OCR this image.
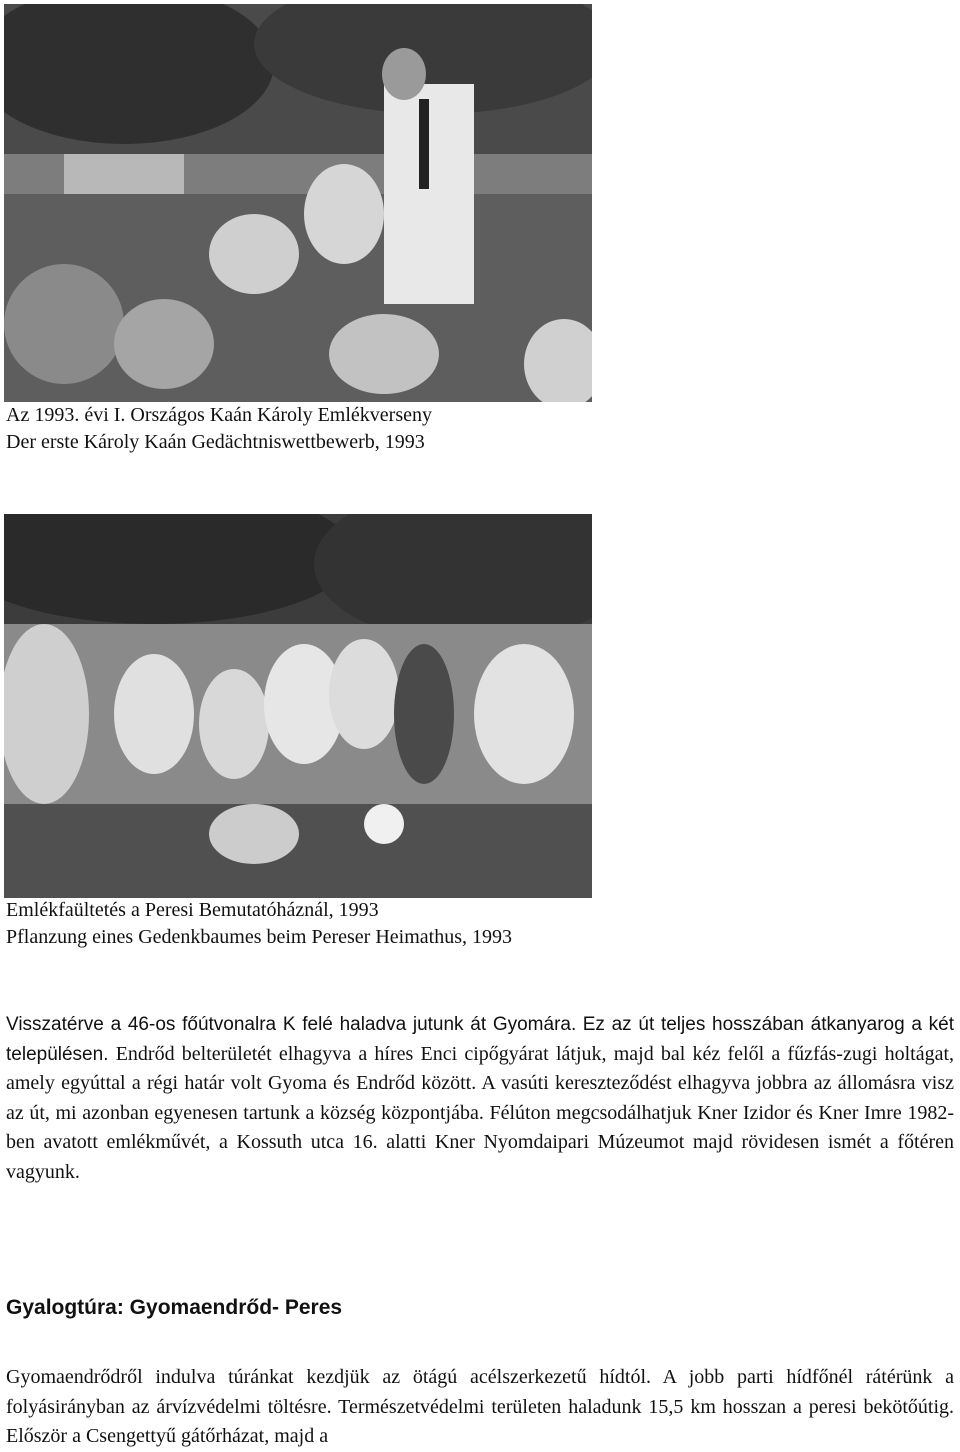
Az 1993. évi I. Országos Kaán Károly Emlékverseny
Der erste Károly Kaán Gedächtniswettbewerb, 1993
Emlékfaültetés a Peresi Bemutatóháznál, 1993
Pflanzung eines Gedenkbaumes beim Pereser Heimathus, 1993

Visszatérve a 46-os főútvonalra K felé haladva jutunk át Gyomára. Ez az út teljes hosszában átkanyarog a két településen. Endrőd belterületét elhagyva a híres Enci cipőgyárat látjuk, majd bal kéz felől a fűzfás-zugi holtágat, amely egyúttal a régi határ volt Gyoma és Endrőd között. A vasúti kereszteződést elhagyva jobbra az állomásra visz az út, mi azonban egyenesen tartunk a község központjába. Félúton megcsodálhatjuk Kner Izidor és Kner Imre 1982-ben avatott emlékművét, a Kossuth utca 16. alatti Kner Nyomdaipari Múzeumot majd rövidesen ismét a főtéren vagyunk.

Gyalogtúra: Gyomaendrőd- Peres

Gyomaendrődről indulva túránkat kezdjük az ötágú acélszerkezetű hídtól. A jobb parti hídfőnél rátérünk a folyásirányban az árvízvédelmi töltésre. Természetvédelmi területen haladunk 15,5 km hosszan a peresi bekötőútig. Először a Csengettyű gátőrházat, majd a
